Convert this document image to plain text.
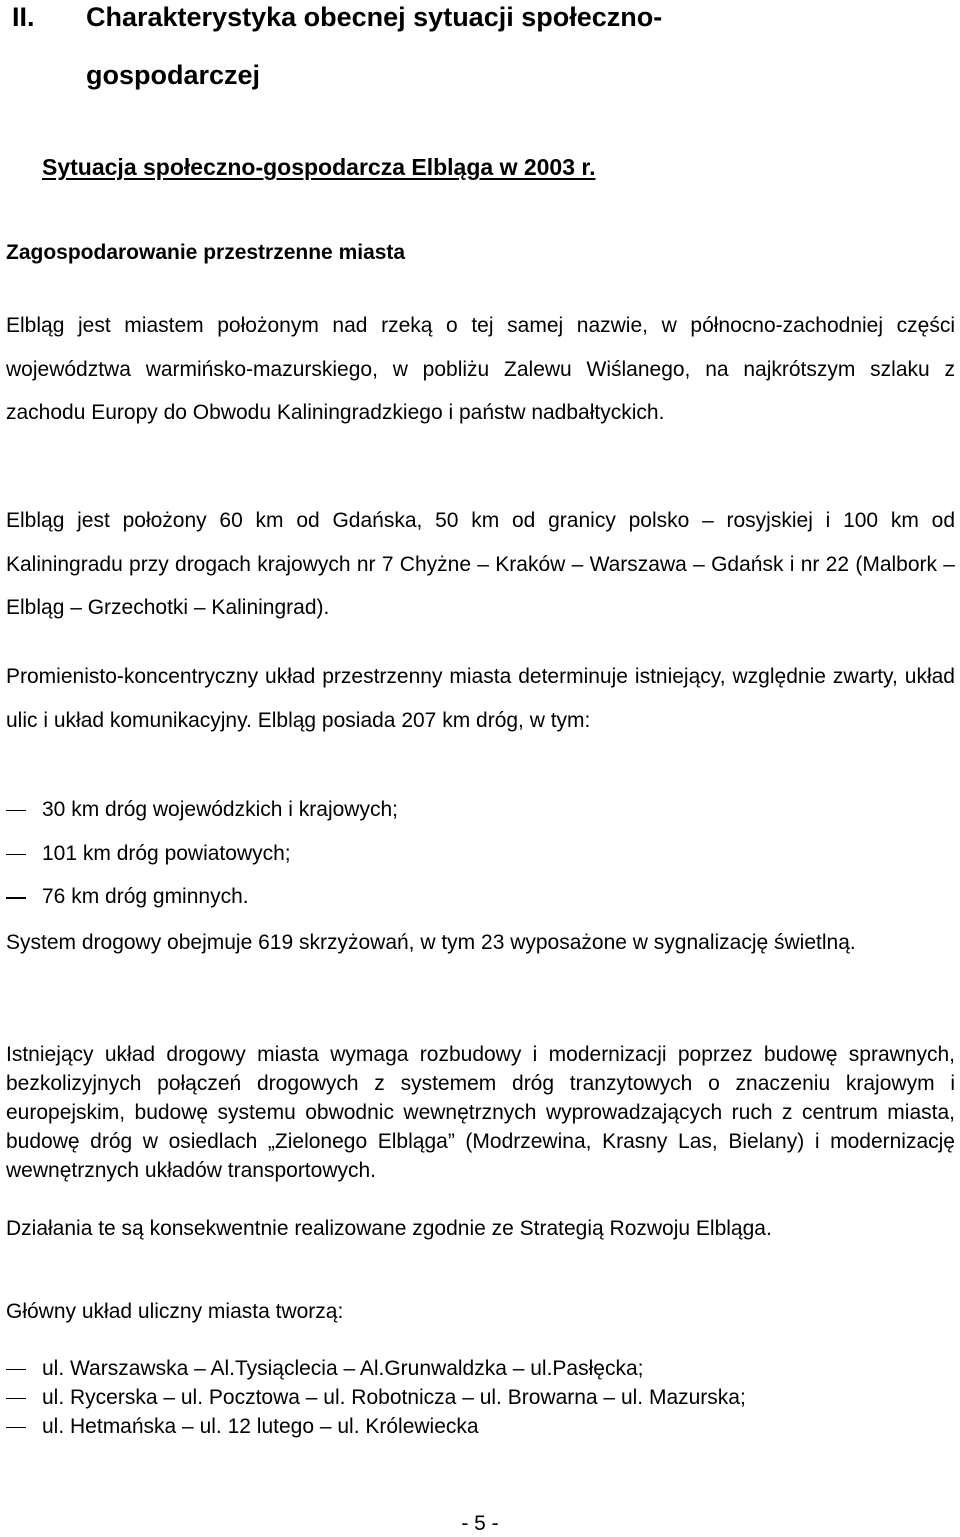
II. Charakterystyka obecnej sytuacji społeczno-
gospodarczej
Sytuacja społeczno-gospodarcza Elbląga w 2003 r.
Zagospodarowanie przestrzenne miasta
Elbląg jest miastem położonym nad rzeką o tej samej nazwie, w północno-zachodniej części województwa warmińsko-mazurskiego, w pobliżu Zalewu Wiślanego, na najkrótszym szlaku z zachodu Europy do Obwodu Kaliningradzkiego i państw nadbałtyckich.
Elbląg jest położony 60 km od Gdańska, 50 km od granicy polsko – rosyjskiej i 100 km od Kaliningradu przy drogach krajowych nr 7 Chyżne – Kraków – Warszawa – Gdańsk i nr 22 (Malbork – Elbląg – Grzechotki – Kaliningrad).
Promienisto-koncentryczny układ przestrzenny miasta determinuje istniejący, względnie zwarty, układ ulic i układ komunikacyjny. Elbląg posiada 207 km dróg, w tym:
30 km dróg wojewódzkich i krajowych;
101 km dróg powiatowych;
76 km dróg gminnych.
System drogowy obejmuje 619 skrzyżowań, w tym 23 wyposażone w sygnalizację świetlną.
Istniejący układ drogowy miasta wymaga rozbudowy i modernizacji poprzez budowę sprawnych, bezkolizyjnych połączeń drogowych z systemem dróg tranzytowych o znaczeniu krajowym i europejskim, budowę systemu obwodnic wewnętrznych wyprowadzających ruch z centrum miasta, budowę dróg w osiedlach „Zielonego Elbląga” (Modrzewina, Krasny Las, Bielany) i modernizację wewnętrznych układów transportowych.
Działania te są konsekwentnie realizowane zgodnie ze Strategią Rozwoju Elbląga.
Główny układ uliczny miasta tworzą:
ul. Warszawska – Al.Tysiąclecia – Al.Grunwaldzka – ul.Pasłęcka;
ul. Rycerska – ul. Pocztowa – ul. Robotnicza – ul. Browarna – ul. Mazurska;
ul. Hetmańska – ul. 12 lutego – ul. Królewiecka
- 5 -
